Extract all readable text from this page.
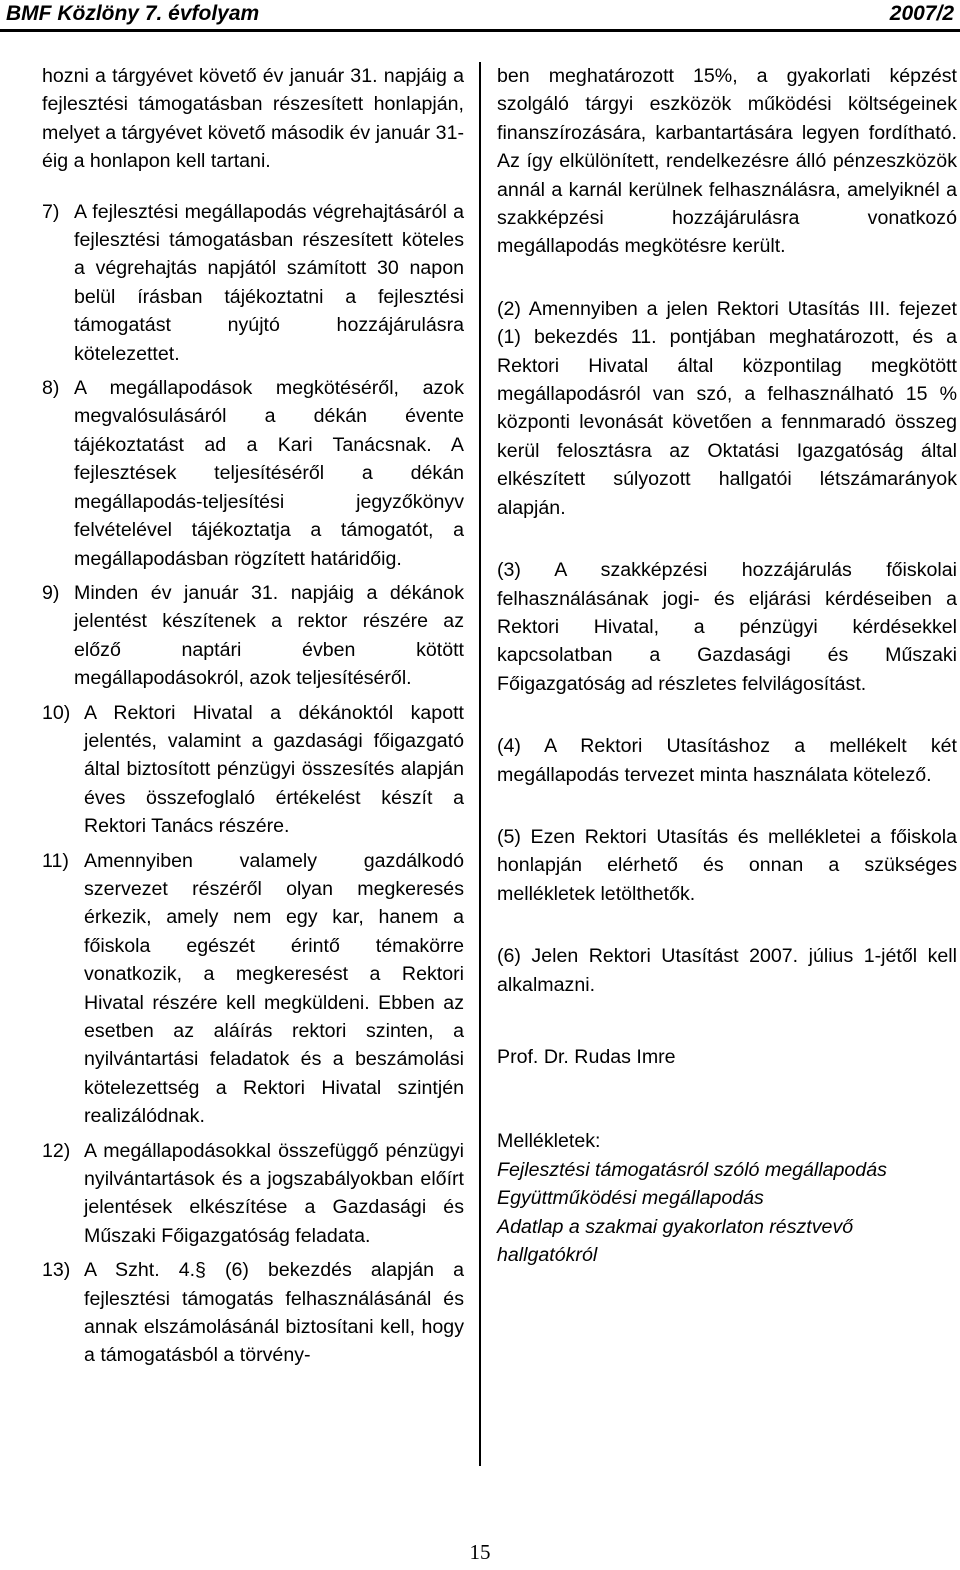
BMF Közlöny 7. évfolyam	2007/2

hozni a tárgyévet követő év január 31. napjáig a fejlesztési támogatásban részesített honlapján, melyet a tárgyévet követő második év január 31-éig a honlapon kell tartani.

7) A fejlesztési megállapodás végrehajtásáról a fejlesztési támogatásban részesített köteles a végrehajtás napjától számított 30 napon belül írásban tájékoztatni a fejlesztési támogatást nyújtó hozzájárulásra kötelezettet.
8) A megállapodások megkötéséről, azok megvalósulásáról a dékán évente tájékoztatást ad a Kari Tanácsnak. A fejlesztések teljesítéséről a dékán megállapodás-teljesítési jegyzőkönyv felvételével tájékoztatja a támogatót, a megállapodásban rögzített határidőig.
9) Minden év január 31. napjáig a dékánok jelentést készítenek a rektor részére az előző naptári évben kötött megállapodásokról, azok teljesítéséről.
10) A Rektori Hivatal a dékánoktól kapott jelentés, valamint a gazdasági főigazgató által biztosított pénzügyi összesítés alapján éves összefoglaló értékelést készít a Rektori Tanács részére.
11) Amennyiben valamely gazdálkodó szervezet részéről olyan megkeresés érkezik, amely nem egy kar, hanem a főiskola egészét érintő témakörre vonatkozik, a megkeresést a Rektori Hivatal részére kell megküldeni. Ebben az esetben az aláírás rektori szinten, a nyilvántartási feladatok és a beszámolási kötelezettség a Rektori Hivatal szintjén realizálódnak.
12) A megállapodásokkal összefüggő pénzügyi nyilvántartások és a jogszabályokban előírt jelentések elkészítése a Gazdasági és Műszaki Főigazgatóság feladata.
13) A Szht. 4.§ (6) bekezdés alapján a fejlesztési támogatás felhasználásánál és annak elszámolásánál biztosítani kell, hogy a támogatásból a törvény-

ben meghatározott 15%, a gyakorlati képzést szolgáló tárgyi eszközök működési költségeinek finanszírozására, karbantartására legyen fordítható. Az így elkülönített, rendelkezésre álló pénzeszközök annál a karnál kerülnek felhasználásra, amelyiknél a szakképzési hozzájárulásra vonatkozó megállapodás megkötésre került.

(2) Amennyiben a jelen Rektori Utasítás III. fejezet (1) bekezdés 11. pontjában meghatározott, és a Rektori Hivatal által központilag megkötött megállapodásról van szó, a felhasználható 15 % központi levonását követően a fennmaradó összeg kerül felosztásra az Oktatási Igazgatóság által elkészített súlyozott hallgatói létszámarányok alapján.

(3) A szakképzési hozzájárulás főiskolai felhasználásának jogi- és eljárási kérdéseiben a Rektori Hivatal, a pénzügyi kérdésekkel kapcsolatban a Gazdasági és Műszaki Főigazgatóság ad részletes felvilágosítást.

(4) A Rektori Utasításhoz a mellékelt két megállapodás tervezet minta használata kötelező.

(5) Ezen Rektori Utasítás és mellékletei a főiskola honlapján elérhető és onnan a szükséges mellékletek letölthetők.

(6) Jelen Rektori Utasítást 2007. július 1-jétől kell alkalmazni.

Prof. Dr. Rudas Imre

Mellékletek:

Fejlesztési támogatásról szóló megállapodás

Együttműködési megállapodás

Adatlap a szakmai gyakorlaton résztvevő hallgatókról

15
